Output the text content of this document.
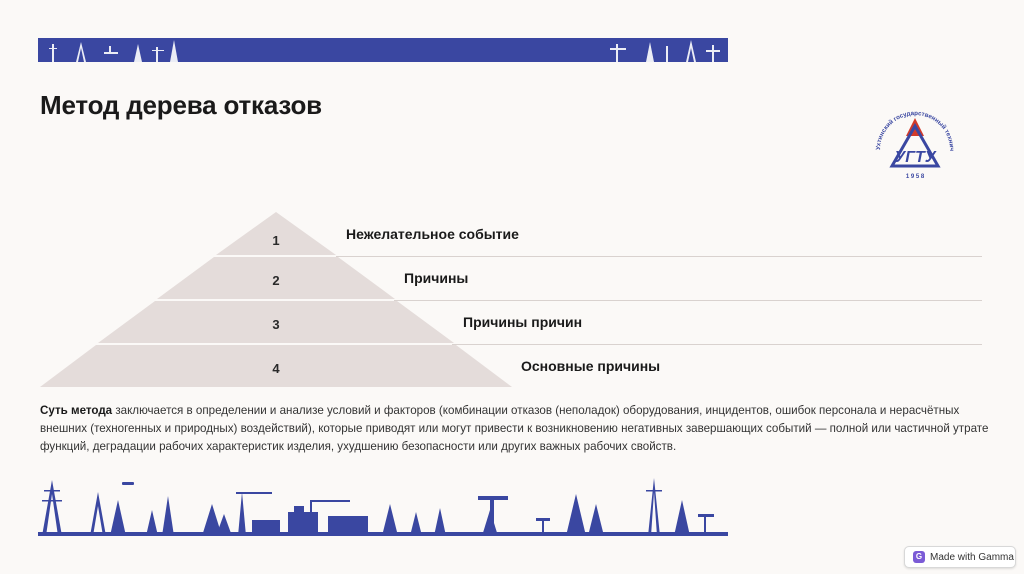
Метод дерева отказов
Ухтинский государственный технич
УГТУ
1 9 5 8
1
2
3
4
Нежелательное событие
Причины
Причины причин
Основные причины

Суть метода заключается в определении и анализе условий и факторов (комбинации отказов (неполадок) оборудования, инцидентов, ошибок персонала и нерасчётных внешних (техногенных и природных) воздействий), которые приводят или могут привести к возникновению негативных завершающих событий — полной или частичной утрате функций, деградации рабочих характеристик изделия, ухудшению безопасности или других важных рабочих свойств.

G Made with Gamma
